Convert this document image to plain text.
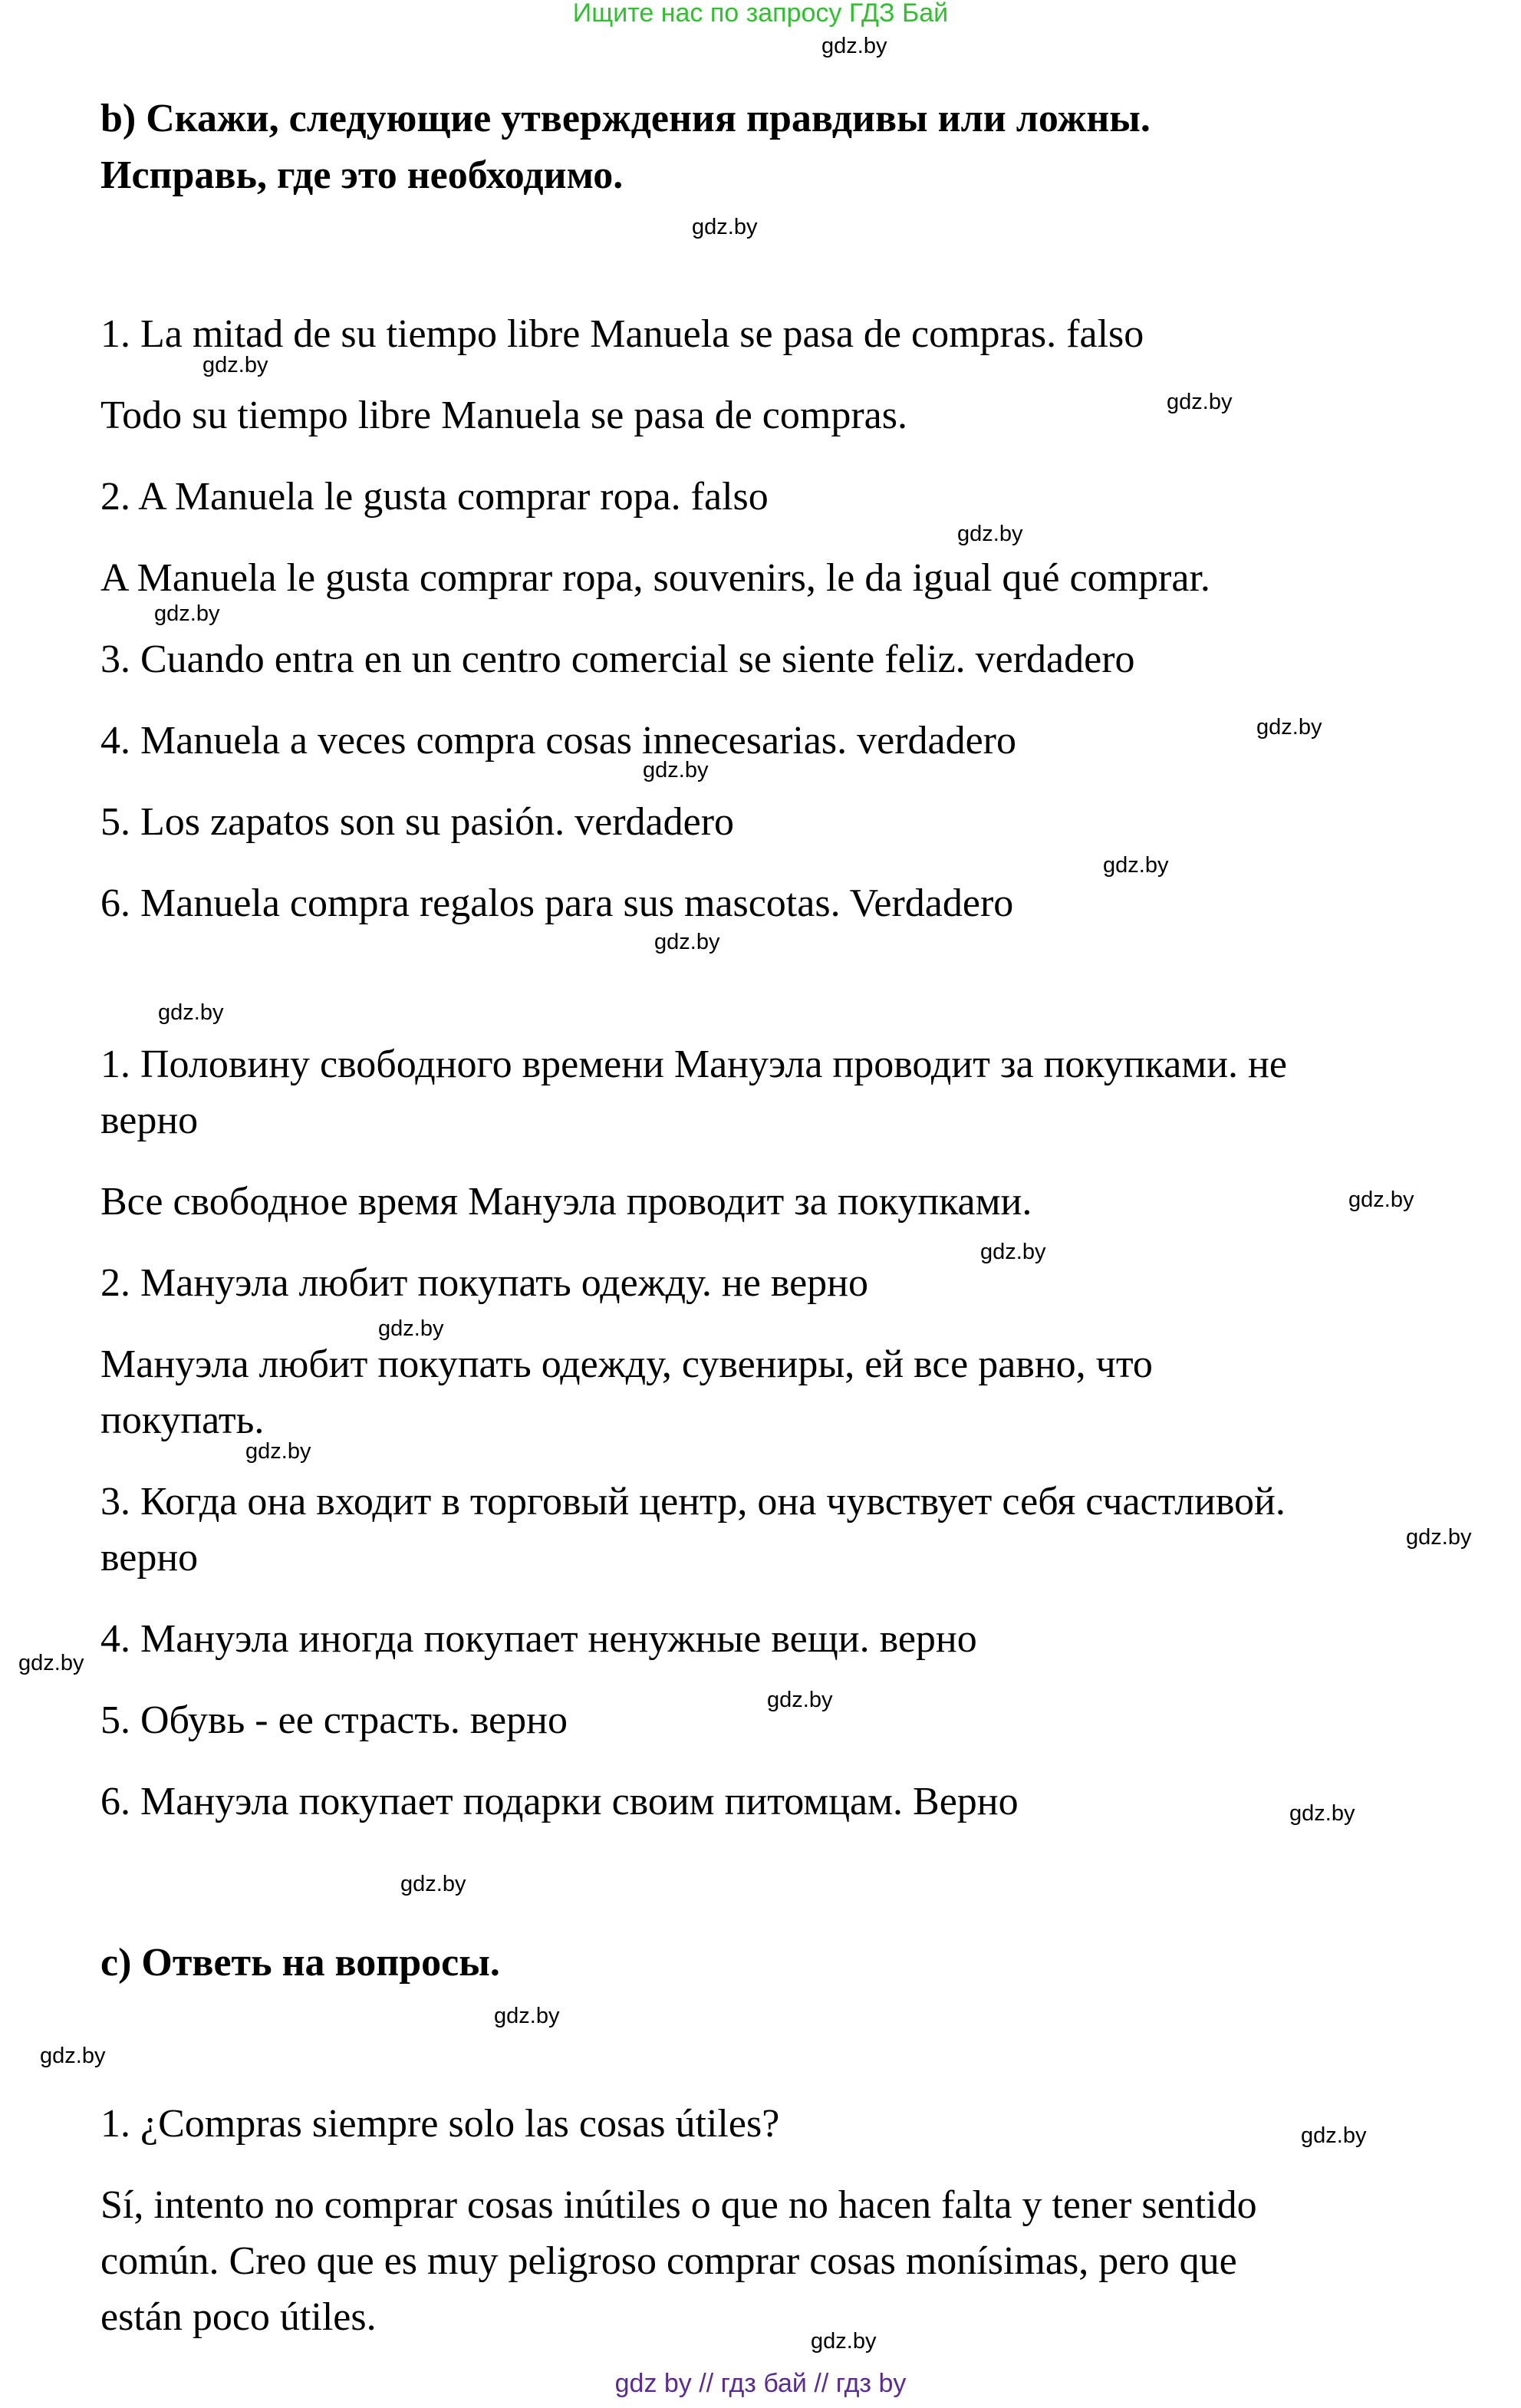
Ищите нас по запросу ГДЗ Бай
gdz.by
b) Скажи, следующие утверждения правдивы или ложны.
Исправь, где это необходимо.
1. La mitad de su tiempo libre Manuela se pasa de compras. falso
Todo su tiempo libre Manuela se pasa de compras.
2. A Manuela le gusta comprar ropa. falso
A Manuela le gusta comprar ropa, souvenirs, le da igual qué comprar.
3. Cuando entra en un centro comercial se siente feliz. verdadero
4. Manuela a veces compra cosas innecesarias. verdadero
5. Los zapatos son su pasión. verdadero
6. Manuela compra regalos para sus mascotas. Verdadero
1. Половину свободного времени Мануэла проводит за покупками. не
верно
Все свободное время Мануэла проводит за покупками.
2. Мануэла любит покупать одежду. не верно
Мануэла любит покупать одежду, сувениры, ей все равно, что
покупать.
3. Когда она входит в торговый центр, она чувствует себя счастливой.
верно
4. Мануэла иногда покупает ненужные вещи. верно
5. Обувь - ее страсть. верно
6. Мануэла покупает подарки своим питомцам. Верно
c) Ответь на вопросы.
1. ¿Compras siempre solo las cosas útiles?
Sí, intento no comprar cosas inútiles o que no hacen falta y tener sentido
común. Creo que es muy peligroso comprar cosas monísimas, pero que
están poco útiles.
gdz.by
gdz.by
gdz.by
gdz.by
gdz.by
gdz.by
gdz.by
gdz.by
gdz.by
gdz.by
gdz.by
gdz.by
gdz.by
gdz.by
gdz.by
gdz.by
gdz.by
gdz.by
gdz.by
gdz.by
gdz.by
gdz.by
gdz.by
gdz by // гдз бай // гдз by
